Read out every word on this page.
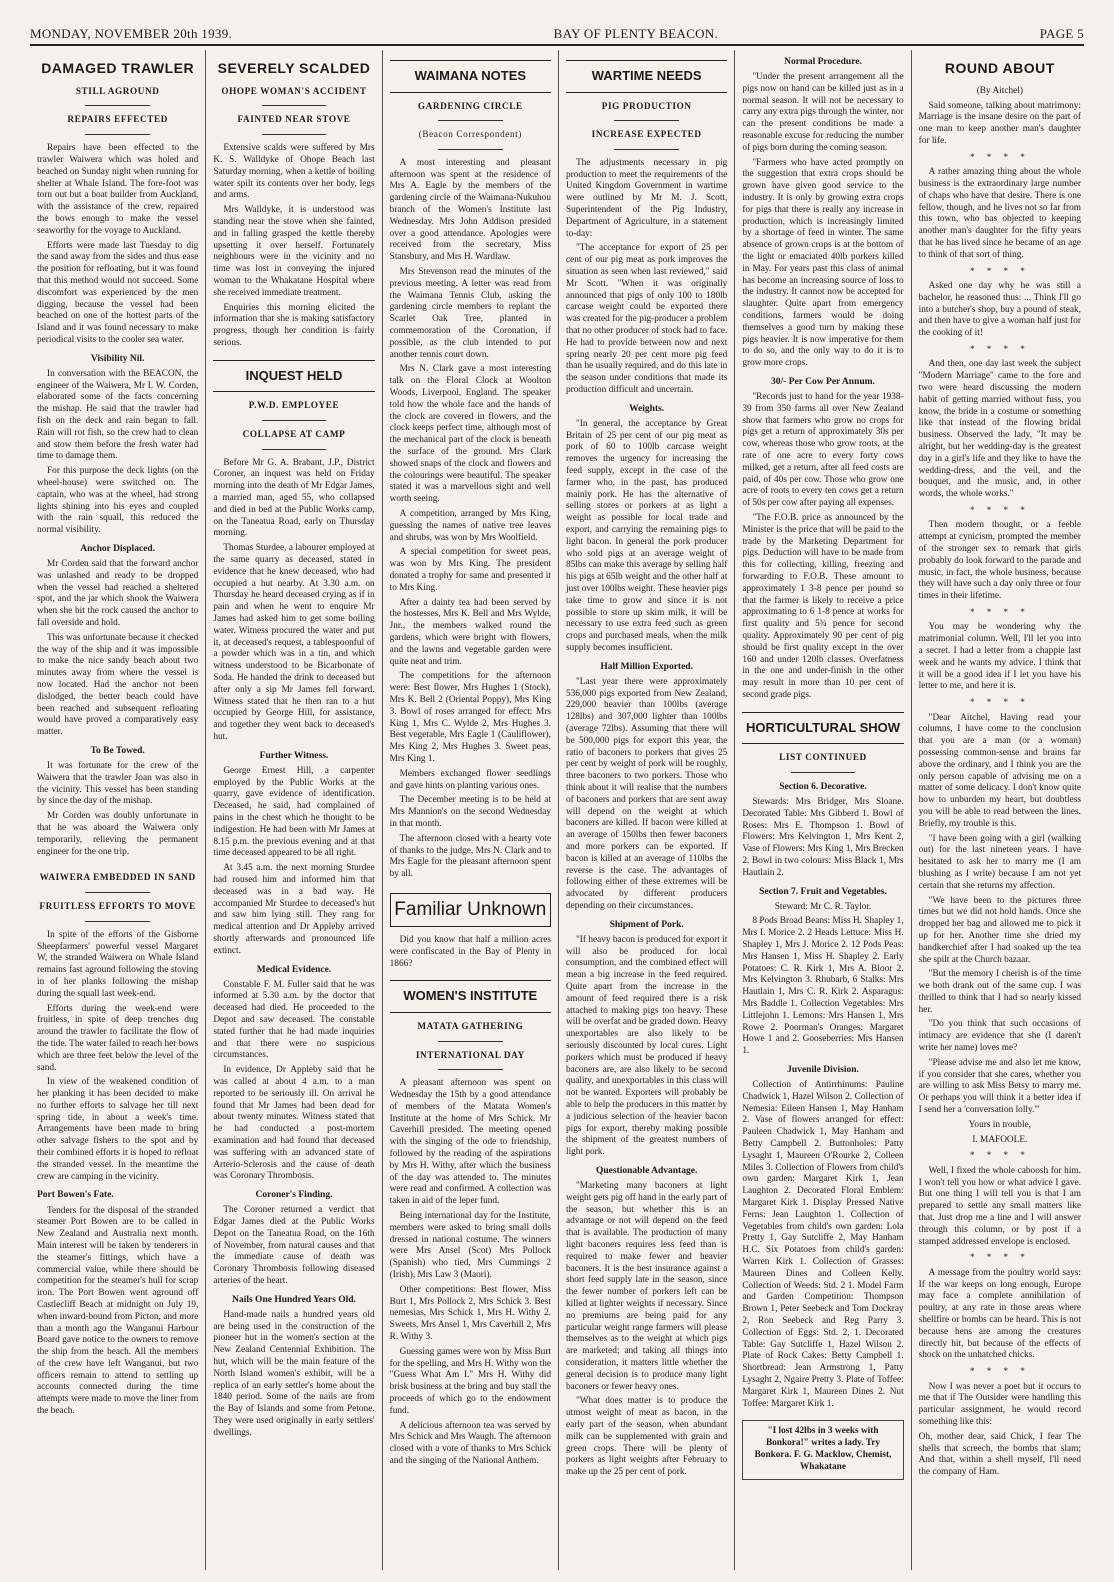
MONDAY, NOVEMBER 20th 1939.	BAY OF PLENTY BEACON.	PAGE 5
DAMAGED TRAWLER
STILL AGROUND
REPAIRS EFFECTED

Repairs have been effected to the trawler Waiwera which was holed and beached on Sunday night when running for shelter at Whale Island. The fore-foot was torn out but a boat builder from Auckland, with the assistance of the crew, repaired the bows enough to make the vessel seaworthy for the voyage to Auckland.

Efforts were made last Tuesday to dig the sand away from the sides and thus ease the position for refloating, but it was found that this method would not succeed. Some discomfort was experienced by the men digging, because the vessel had been beached on one of the hottest parts of the Island and it was found necessary to make periodical visits to the cooler sea water.

Visibility Nil.

In conversation with the BEACON, the engineer of the Waiwera, Mr I. W. Corden, elaborated some of the facts concerning the mishap. He said that the trawler had fish on the deck and rain began to fall. Rain will rot fish, so the crew had to clean and stow them before the fresh water had time to damage them.

For this purpose the deck lights (on the wheel-house) were switched on. The captain, who was at the wheel, had strong lights shining into his eyes and coupled with the rain squall, this reduced the normal visibility.

Anchor Displaced.

Mr Corden said that the forward anchor was unlashed and ready to be dropped when the vessel had reached a sheltered spot, and the jar which shook the Waiwera when she bit the rock caused the anchor to fall overside and hold.

This was unfortunate because it checked the way of the ship and it was impossible to make the nice sandy beach about two minutes away from where the vessel is now located. Had the anchor not been dislodged, the better beach could have been reached and subsequent refloating would have proved a comparatively easy matter.

To Be Towed.

It was fortunate for the crew of the Waiwera that the trawler Joan was also in the vicinity. This vessel has been standing by since the day of the mishap.

Mr Corden was doubly unfortunate in that he was aboard the Waiwera only temporarily, relieving the permanent engineer for the one trip.

WAIWERA EMBEDDED IN SAND
FRUITLESS EFFORTS TO MOVE

In spite of the efforts of the Gisborne Sheepfarmers' powerful vessel Margaret W, the stranded Waiwera on Whale Island remains fast aground following the stoving in of her planks following the mishap during the squall last week-end.

Efforts during the week-end were fruitless, in spite of deep trenches dug around the trawler to facilitate the flow of the tide. The water failed to reach her bows which are three feet below the level of the sand.

In view of the weakened condition of her planking it has been decided to make no further efforts to salvage her till next spring tide, in about a week's time. Arrangements have been made to bring other salvage fishers to the spot and by their combined efforts it is hoped to refloat the stranded vessel. In the meantime the crew are camping in the vicinity.

Port Bowen's Fate.

Tenders for the disposal of the stranded steamer Port Bowen are to be called in New Zealand and Australia next month. Main interest will be taken by tenderers in the steamer's fittings, which have a commercial value, while there should be competition for the steamer's hull for scrap iron. The Port Bowen went aground off Castlecliff Beach at midnight on July 19, when inward-bound from Picton, and more than a month ago the Wanganui Harbour Board gave notice to the owners to remove the ship from the beach. All the members of the crew have left Wanganui, but two officers remain to attend to settling up accounts connected during the time attempts were made to move the liner from the beach.

SEVERELY SCALDED
OHOPE WOMAN'S ACCIDENT
FAINTED NEAR STOVE

Extensive scalds were suffered by Mrs K. S. Walldyke of Ohope Beach last Saturday morning, when a kettle of boiling water spilt its contents over her body, legs and arms.

Mrs Walldyke, it is understood was standing near the stove when she fainted, and in falling grasped the kettle thereby upsetting it over herself. Fortunately neighbours were in the vicinity and no time was lost in conveying the injured woman to the Whakatane Hospital where she received immediate treatment.

Enquiries this morning elicited the information that she is making satisfactory progress, though her condition is fairly serious.

INQUEST HELD
P.W.D. EMPLOYEE
COLLAPSE AT CAMP

Before Mr G. A. Brabant, J.P., District Coroner, an inquest was held on Friday morning into the death of Mr Edgar James, a married man, aged 55, who collapsed and died in bed at the Public Works camp, on the Taneatua Road, early on Thursday morning.

Thomas Sturdee, a labourer employed at the same quarry as deceased, stated in evidence that he knew deceased, who had occupied a hut nearby. At 3.30 a.m. on Thursday he heard deceased crying as if in pain and when he went to enquire Mr James had asked him to get some boiling water. Witness procured the water and put it, at deceased's request, a tablespoonful of a powder which was in a tin, and which witness understood to be Bicarbonate of Soda. He handed the drink to deceased but after only a sip Mr James fell forward. Witness stated that he then ran to a hut occupied by George Hill, for assistance, and together they went back to deceased's hut.

Further Witness.

George Ernest Hill, a carpenter employed by the Public Works at the quarry, gave evidence of identification. Deceased, he said, had complained of pains in the chest which he thought to be indigestion. He had been with Mr James at 8.15 p.m. the previous evening and at that time deceased appeared to be all right.

At 3.45 a.m. the next morning Sturdee had roused him and informed him that deceased was in a bad way. He accompanied Mr Sturdee to deceased's hut and saw him lying still. They rang for medical attention and Dr Appleby arrived shortly afterwards and pronounced life extinct.

Medical Evidence.

Constable F. M. Fuller said that he was informed at 5.30 a.m. by the doctor that deceased had died. He proceeded to the Depot and saw deceased. The constable stated further that he had made inquiries and that there were no suspicious circumstances.

In evidence, Dr Appleby said that he was called at about 4 a.m. to a man reported to be seriously ill. On arrival he found that Mr James had been dead for about twenty minutes. Witness stated that he had conducted a post-mortem examination and had found that deceased was suffering with an advanced state of Arterio-Sclerosis and the cause of death was Coronary Thrombosis.

Coroner's Finding.

The Coroner returned a verdict that Edgar James died at the Public Works Depot on the Taneatua Road, on the 16th of November, from natural causes and that the immediate cause of death was Coronary Thrombosis following diseased arteries of the heart.

Nails One Hundred Years Old.

Hand-made nails a hundred years old are being used in the construction of the pioneer hut in the women's section at the New Zealand Centennial Exhibition. The hut, which will be the main feature of the North Island women's exhibit, will be a replica of an early settler's home about the 1840 period. Some of the nails are from the Bay of Islands and some from Petone. They were used originally in early settlers' dwellings.

WAIMANA NOTES
GARDENING CIRCLE
(Beacon Correspondent)

A most interesting and pleasant afternoon was spent at the residence of Mrs A. Eagle by the members of the gardening circle of the Waimana-Nukuhou branch of the Women's Institute last Wednesday. Mrs John Addison presided over a good attendance. Apologies were received from the secretary, Miss Stansbury, and Mrs H. Wardlaw.

Mrs Stevenson read the minutes of the previous meeting. A letter was read from the Waimana Tennis Club, asking the gardening circle members to replant the Scarlet Oak Tree, planted in commemoration of the Coronation, if possible, as the club intended to put another tennis court down.

Mrs N. Clark gave a most interesting talk on the Floral Clock at Woolton Woods, Liverpool, England. The speaker told how the whole face and the hands of the clock are covered in flowers, and the clock keeps perfect time, although most of the mechanical part of the clock is beneath the surface of the ground. Mrs Clark showed snaps of the clock and flowers and the colourings were beautiful. The speaker stated it was a marvellous sight and well worth seeing.

A competition, arranged by Mrs King, guessing the names of native tree leaves and shrubs, was won by Mrs Woolfield.

A special competition for sweet peas, was won by Mrs King. The president donated a trophy for same and presented it to Mrs King.

After a dainty tea had been served by the hostesses, Mrs K. Bell and Mrs Wylde, Jnr., the members walked round the gardens, which were bright with flowers, and the lawns and vegetable garden were quite neat and trim.

The competitions for the afternoon were: Best flower, Mrs Hughes 1 (Stock), Mrs K. Bell 2 (Oriental Poppy), Mrs King 3. Bowl of roses arranged for effect: Mrs King 1, Mrs C. Wylde 2, Mrs Hughes 3. Best vegetable, Mrs Eagle 1 (Cauliflower), Mrs King 2, Mrs Hughes 3. Sweet peas, Mrs King 1.

Members exchanged flower seedlings and gave hints on planting various ones.

The December meeting is to be held at Mrs Mannion's on the second Wednesday in that month.

The afternoon closed with a hearty vote of thanks to the judge, Mrs N. Clark and to Mrs Eagle for the pleasant afternoon spent by all.

Familiar Unknown

Did you know that half a million acres were confiscated in the Bay of Plenty in 1866?

WOMEN'S INSTITUTE
MATATA GATHERING
INTERNATIONAL DAY

A pleasant afternoon was spent on Wednesday the 15th by a good attendance of members of the Matata Women's Institute at the home of Mrs Schick. Mr Caverhill presided. The meeting opened with the singing of the ode to friendship, followed by the reading of the aspirations by Mrs H. Withy, after which the business of the day was attended to. The minutes were read and confirmed. A collection was taken in aid of the leper fund.

Being international day for the Institute, members were asked to bring small dolls dressed in national costume. The winners were Mrs Ansel (Scot) Mrs Pollock (Spanish) who tied, Mrs Cummings 2 (Irish), Mrs Law 3 (Maori).

Other competitions: Best flower, Miss Burt 1, Mrs Pollock 2, Mrs Schick 3. Best nemesias, Mrs Schick 1, Mrs H. Withy 2. Sweets, Mrs Ansel 1, Mrs Caverhill 2, Mrs R. Withy 3.

Guessing games were won by Miss Burt for the spelling, and Mrs H. Withy won the "Guess What Am I." Mrs H. Withy did brisk business at the bring and buy stall the proceeds of which go to the endowment fund.

A delicious afternoon tea was served by Mrs Schick and Mrs Waugh. The afternoon closed with a vote of thanks to Mrs Schick and the singing of the National Anthem.

WARTIME NEEDS
PIG PRODUCTION
INCREASE EXPECTED

The adjustments necessary in pig production to meet the requirements of the United Kingdom Government in wartime were outlined by Mr M. J. Scott, Superintendent of the Pig Industry, Department of Agriculture, in a statement to-day:

"The acceptance for export of 25 per cent of our pig meat as pork improves the situation as seen when last reviewed," said Mr Scott. "When it was originally announced that pigs of only 100 to 180lb carcase weight could be exported there was created for the pig-producer a problem that no other producer of stock had to face. He had to provide between now and next spring nearly 20 per cent more pig feed than he usually required, and do this late in the season under conditions that made its production difficult and uncertain.

Weights.

"In general, the acceptance by Great Britain of 25 per cent of our pig meat as pork of 60 to 100lb carcase weight removes the urgency for increasing the feed supply, except in the case of the farmer who, in the past, has produced mainly pork. He has the alternative of selling stores or porkers at as light a weight as possible for local trade and export, and carrying the remaining pigs to light bacon. In general the pork producer who sold pigs at an average weight of 85lbs can make this average by selling half his pigs at 65lb weight and the other half at just over 100lbs weight. These heavier pigs take time to grow and since it is not possible to store up skim milk, it will be necessary to use extra feed such as green crops and purchased meals, when the milk supply becomes insufficient.

Half Million Exported.

"Last year there were approximately 536,000 pigs exported from New Zealand, 229,000 heavier than 100lbs (average 128lbs) and 307,000 lighter than 100lbs (average 72lbs). Assuming that there will be 500,000 pigs for export this year, the ratio of baconers to porkers that gives 25 per cent by weight of pork will be roughly, three baconers to two porkers. Those who think about it will realise that the numbers of baconers and porkers that are sent away will depend on the weight at which baconers are killed. If bacon were killed at an average of 150lbs then fewer baconers and more porkers can be exported. If bacon is killed at an average of 110lbs the reverse is the case. The advantages of following either of these extremes will be advocated by different producers depending on their circumstances.

Shipment of Pork.

"If heavy bacon is produced for export it will also be produced for local consumption, and the combined effect will mean a big increase in the feed required. Quite apart from the increase in the amount of feed required there is a risk attached to making pigs too heavy. These will be overfat and be graded down. Heavy unexportables are also likely to be seriously discounted by local cures. Light porkers which must be produced if heavy baconers are, are also likely to be second quality, and unexportables in this class will not be wanted. Exporters will probably be able to help the producers in this matter by a judicious selection of the heavier bacon pigs for export, thereby making possible the shipment of the greatest numbers of light pork.

Questionable Advantage.

"Marketing many baconers at light weight gets pig off hand in the early part of the season, but whether this is an advantage or not will depend on the feed that is available. The production of many light baconers requires less feed than is required to make fewer and heavier baconers. It is the best insurance against a short feed supply late in the season, since the fewer number of porkers left can be killed at lighter weights if necessary. Since no premiums are being paid for any particular weight range farmers will please themselves as to the weight at which pigs are marketed; and taking all things into consideration, it matters little whether the general decision is to produce many light baconers or fewer heavy ones.

"What does matter is to produce the utmost weight of meat as bacon, in the early part of the season, when abundant milk can be supplemented with grain and green crops. There will be plenty of porkers as light weights after February to make up the 25 per cent of pork.

Normal Procedure.

"Under the present arrangement all the pigs now on hand can be killed just as in a normal season. It will not be necessary to carry any extra pigs through the winter, nor can the present conditions be made a reasonable excuse for reducing the number of pigs born during the coming season.

"Farmers who have acted promptly on the suggestion that extra crops should be grown have given good service to the industry. It is only by growing extra crops for pigs that there is really any increase in production, which is increasingly limited by a shortage of feed in winter. The same absence of grown crops is at the bottom of the light or emaciated 40lb porkers killed in May. For years past this class of animal has become an increasing source of loss to the industry. It cannot now be accepted for slaughter. Quite apart from emergency conditions, farmers would be doing themselves a good turn by making these pigs heavier. It is now imperative for them to do so, and the only way to do it is to grow more crops.

30/- Per Cow Per Annum.

"Records just to hand for the year 1938-39 from 350 farms all over New Zealand show that farmers who grow no crops for pigs get a return of approximately 30s per cow, whereas those who grow roots, at the rate of one acre to every forty cows milked, get a return, after all feed costs are paid, of 40s per cow. Those who grow one acre of roots to every ten cows get a return of 50s per cow after paying all expenses.

"The F.O.B. price as announced by the Minister is the price that will be paid to the trade by the Marketing Department for pigs. Deduction will have to be made from this for collecting, killing, freezing and forwarding to F.O.B. These amount to approximately 1 3-8 pence per pound so that the farmer is likely to receive a price approximating to 6 1-8 pence at works for first quality and 5¾ pence for second quality. Approximately 90 per cent of pig should be first quality except in the over 160 and under 120lb classes. Overfatness in the one and under-finish in the other may result in more than 10 per cent of second grade pigs.

HORTICULTURAL SHOW
LIST CONTINUED
Section 6. Decorative.

Stewards: Mrs Bridger, Mrs Sloane. Decorated Table: Mrs Gibberd 1. Bowl of Roses: Mrs E. Thompson 1. Bowl of Flowers: Mrs Kelvington 1, Mrs Kent 2, Vase of Flowers: Mrs King 1, Mrs Brecken 2. Bowl in two colours: Miss Black 1, Mrs Hautlain 2.

Section 7. Fruit and Vegetables.
Steward: Mr C. R. Taylor.

8 Pods Broad Beans: Miss H. Shapley 1, Mrs I. Morice 2. 2 Heads Lettuce: Miss H. Shapley 1, Mrs J. Morice 2. 12 Pods Peas: Mrs Hansen 1, Miss H. Shapley 2. Early Potatoes: C. R. Kirk 1, Mrs A. Bloor 2. Mrs Kelvington 3. Rhubarb, 6 Stalks: Mrs Hautlain 1, Mrs C. R. Kirk 2. Asparagus: Mrs Baddle 1. Collection Vegetables: Mrs Littlejohn 1. Lemons: Mrs Hansen 1, Mrs Rowe 2. Poorman's Oranges: Margaret Howe 1 and 2. Gooseberries: Mrs Hansen 1.

Juvenile Division.

Collection of Antirrhinums: Pauline Chadwick 1, Hazel Wilson 2. Collection of Nemesia: Eileen Hansen 1, May Hanham 2. Vase of flowers arranged for effect: Pauleen Chadwick 1, May Hanham and Betty Campbell 2. Buttonholes: Patty Lysaght 1, Maureen O'Rourke 2, Colleen Miles 3. Collection of Flowers from child's own garden: Margaret Kirk 1, Jean Laughton 2. Decorated Floral Emblem: Margaret Kirk 1. Display Pressed Native Ferns: Jean Laughton 1. Collection of Vegetables from child's own garden: Lola Pretty 1, Gay Sutcliffe 2, May Hanham H.C. Six Potatoes from child's garden: Warren Kirk 1. Collection of Grasses: Maureen Dines and Colleen Kelly. Collection of Weeds: Std. 2 1. Model Farm and Garden Competition: Thompson Brown 1, Peter Seebeck and Tom Dockray 2, Ron Seebeck and Reg Parry 3. Collection of Eggs: Std. 2, 1. Decorated Table: Gay Sutcliffe 1, Hazel Wilson 2. Plate of Rock Cakes: Betty Campbell 1. Shortbread: Jean Armstrong 1, Patty Lysaght 2, Ngaire Pretty 3. Plate of Toffee: Margaret Kirk 1, Maureen Dines 2. Nut Toffee: Margaret Kirk 1.

"I lost 42lbs in 3 weeks with Bonkora!" writes a lady. Try Bonkora. F. G. Macklow, Chemist, Whakatane
ROUND ABOUT
(By Aitchel)

Said someone, talking about matrimony: Marriage is the insane desire on the part of one man to keep another man's daughter for life.

* * * *

A rather amazing thing about the whole business is the extraordinary large number of chaps who have that desire. There is one fellow, though, and he lives not so far from this town, who has objected to keeping another man's daughter for the fifty years that he has lived since he became of an age to think of that sort of thing.

* * * *

Asked one day why he was still a bachelor, he reasoned thus: ... Think I'll go into a butcher's shop, buy a pound of steak, and then have to give a woman half just for the cooking of it!

* * * *

And then, one day last week the subject "Modern Marriage" came to the fore and two were heard discussing the modern habit of getting married without fuss, you know, the bride in a costume or something like that instead of the flowing bridal business. Observed the lady, "It may be alright, but her wedding-day is the greatest day in a girl's life and they like to have the wedding-dress, and the veil, and the bouquet, and the music, and, in other words, the whole works."

* * * *

Then modern thought, or a feeble attempt at cynicism, prompted the member of the stronger sex to remark that girls probably do look forward to the parade and music, in fact, the whole business, because they will have such a day only three or four times in their lifetime.

* * * *

You may be wondering why the matrimonial column. Well, I'll let you into a secret. I had a letter from a chappie last week and he wants my advice. I think that it will be a good idea if I let you have his letter to me, and here it is.

* * * *

"Dear Aitchel, Having read your columns, I have come to the conclusion that you are a man (or a woman) possessing common-sense and brains far above the ordinary, and I think you are the only person capable of advising me on a matter of some delicacy. I don't know quite how to unburden my heart, but doubtless you will be able to read between the lines. Briefly, my trouble is this.

"I have been going with a girl (walking out) for the last nineteen years. I have hesitated to ask her to marry me (I am blushing as I write) because I am not yet certain that she returns my affection.

"We have been to the pictures three times but we did not hold hands. Once she dropped her bag and allowed me to pick it up for her. Another time she dried my handkerchief after I had soaked up the tea she spilt at the Church bazaar.

"But the memory I cherish is of the time we both drank out of the same cup. I was thrilled to think that I had so nearly kissed her.

"Do you think that such occasions of intimacy are evidence that she (I daren't write her name) loves me?

"Please advise me and also let me know, if you consider that she cares, whether you are willing to ask Miss Betsy to marry me. Or perhaps you will think it a better idea if I send her a 'conversation lolly.'"

Yours in trouble,
I. MAFOOLE.
* * * *

Well, I fixed the whole caboosh for him. I won't tell you how or what advice I gave. But one thing I will tell you is that I am prepared to settle any small matters like that. Just drop me a line and I will answer through this column, or by post if a stamped addressed envelope is enclosed.

* * * *

A message from the poultry world says: If the war keeps on long enough, Europe may face a complete annihilation of poultry, at any rate in those areas where shellfire or bombs can be heard. This is not because hens are among the creatures directly hit, but because of the effects of shock on the unhatched chicks.

* * * *

Now I was never a poet but it occurs to me that if The Outsider were handling this particular assignment, he would record something like this:

Oh, mother dear, said Chick, I fear The shells that screech, the bombs that slam; And that, within a shell myself, I'll need the company of Ham.
